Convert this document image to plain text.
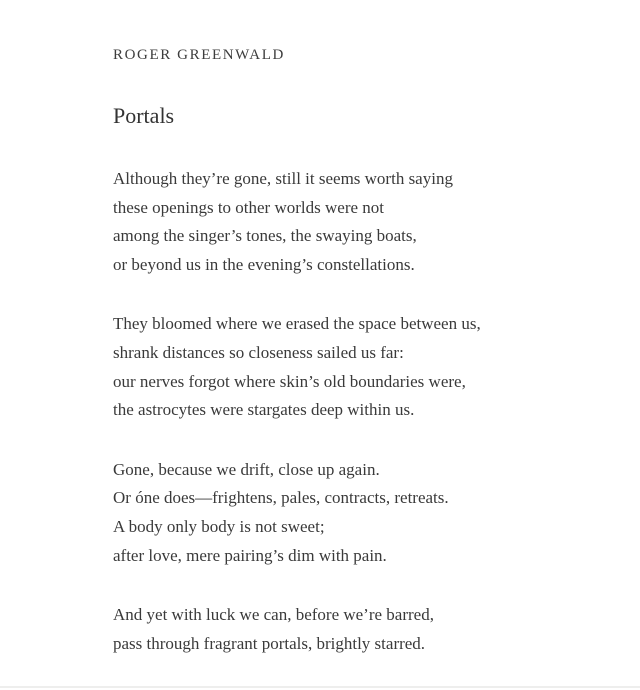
ROGER GREENWALD
Portals
Although they’re gone, still it seems worth saying
these openings to other worlds were not
among the singer’s tones, the swaying boats,
or beyond us in the evening’s constellations.
They bloomed where we erased the space between us,
shrank distances so closeness sailed us far:
our nerves forgot where skin’s old boundaries were,
the astrocytes were stargates deep within us.
Gone, because we drift, close up again.
Or óne does—frightens, pales, contracts, retreats.
A body only body is not sweet;
after love, mere pairing’s dim with pain.
And yet with luck we can, before we’re barred,
pass through fragrant portals, brightly starred.
